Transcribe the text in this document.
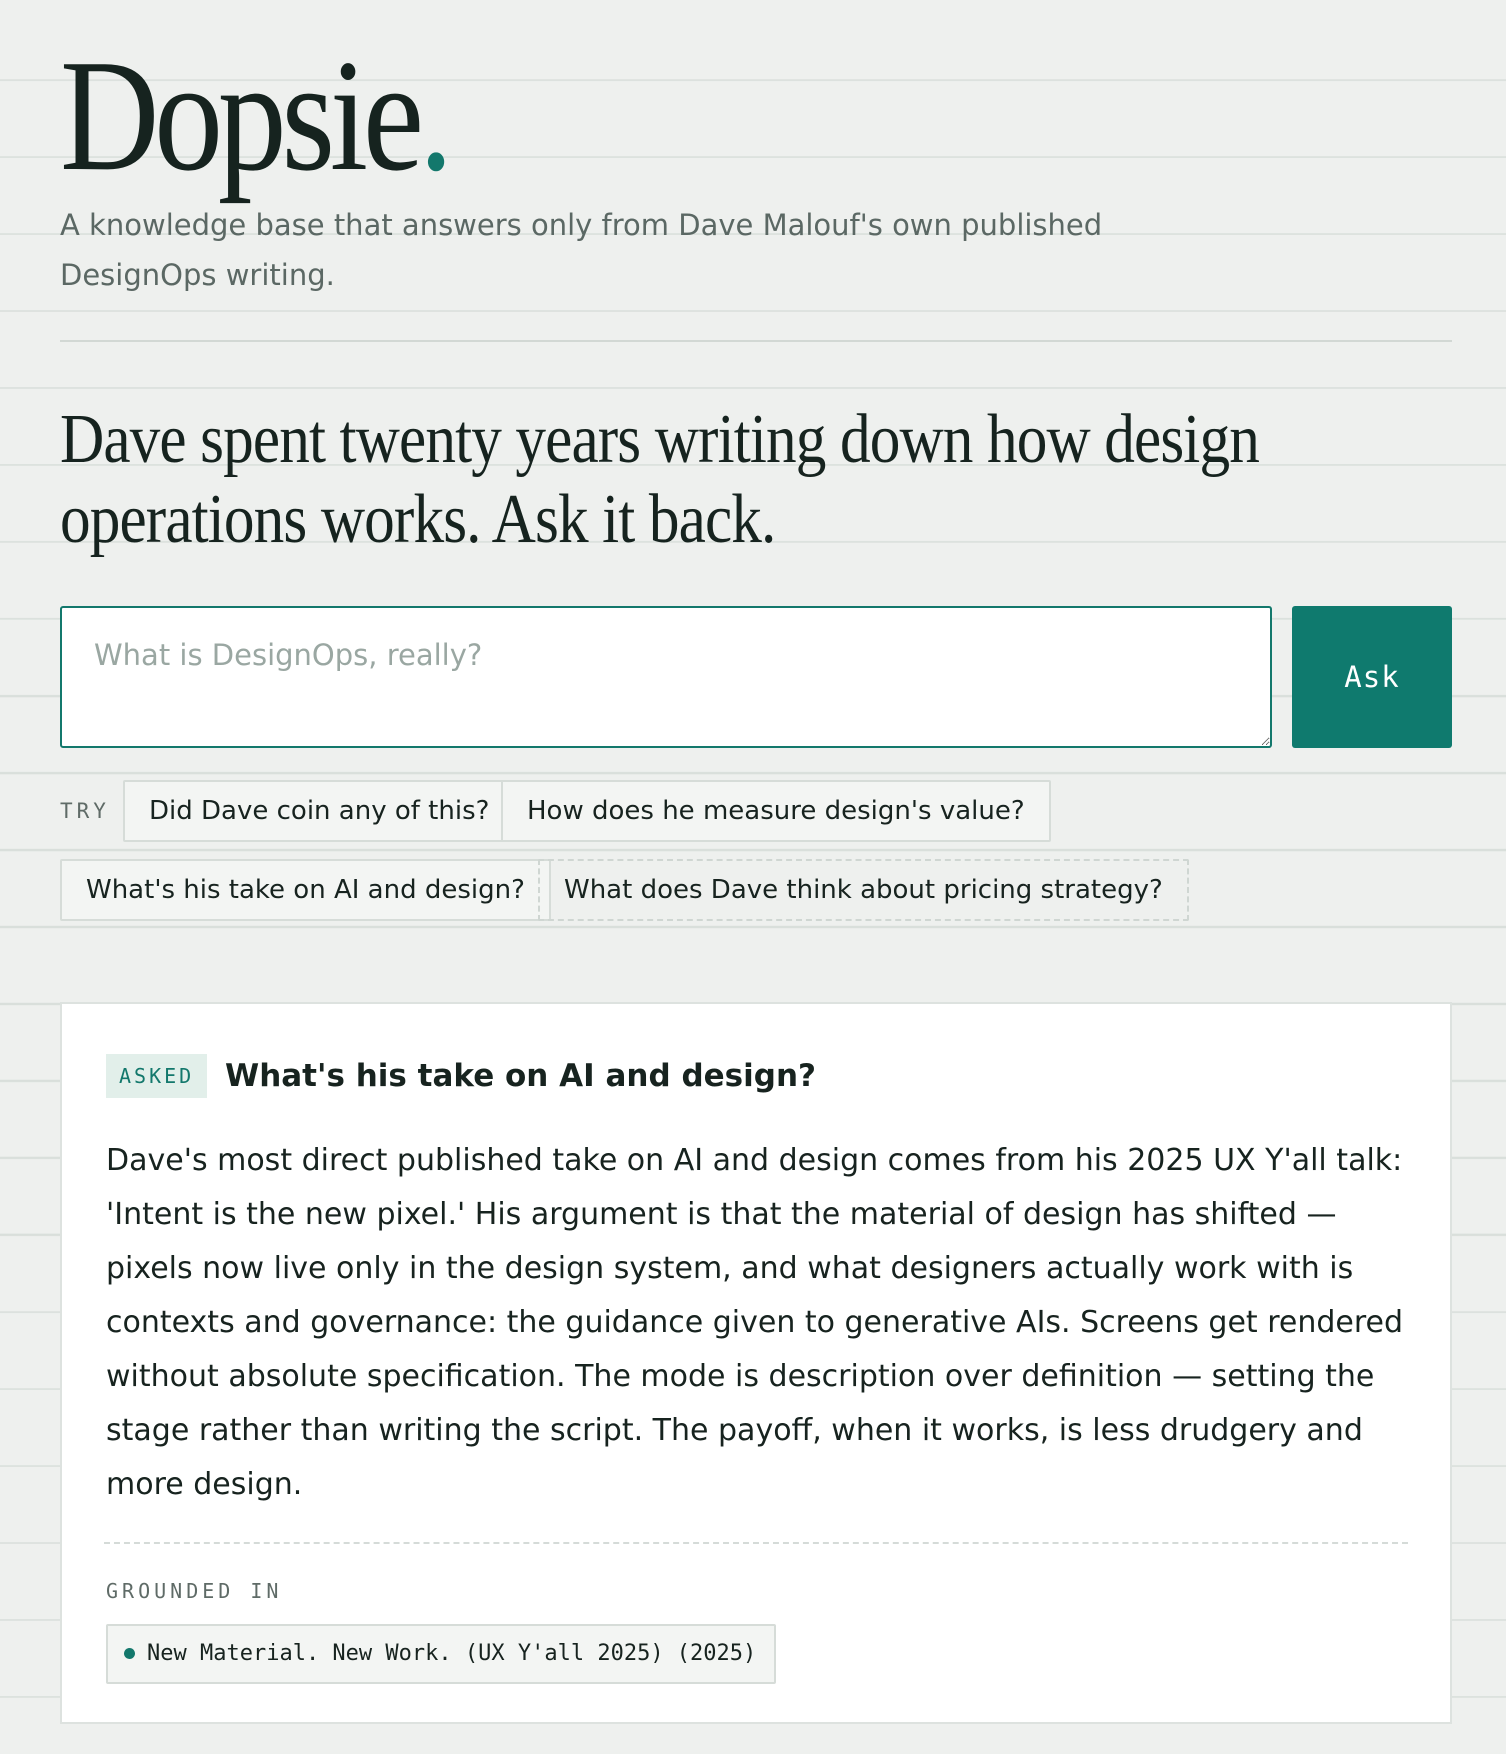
Dopsie.

A knowledge base that answers only from Dave Malouf's own published DesignOps writing.

Dave spent twenty years writing down how design operations works. Ask it back.
What is DesignOps, really?
Ask
TRY	Did Dave coin any of this?	How does he measure design's value?
What's his take on AI and design?	What does Dave think about pricing strategy?
ASKED What's his take on AI and design?

Dave's most direct published take on AI and design comes from his 2025 UX Y'all talk: 'Intent is the new pixel.' His argument is that the material of design has shifted — pixels now live only in the design system, and what designers actually work with is contexts and governance: the guidance given to generative AIs. Screens get rendered without absolute specification. The mode is description over definition — setting the stage rather than writing the script. The payoff, when it works, is less drudgery and more design.

GROUNDED IN
New Material. New Work. (UX Y'all 2025) (2025)
